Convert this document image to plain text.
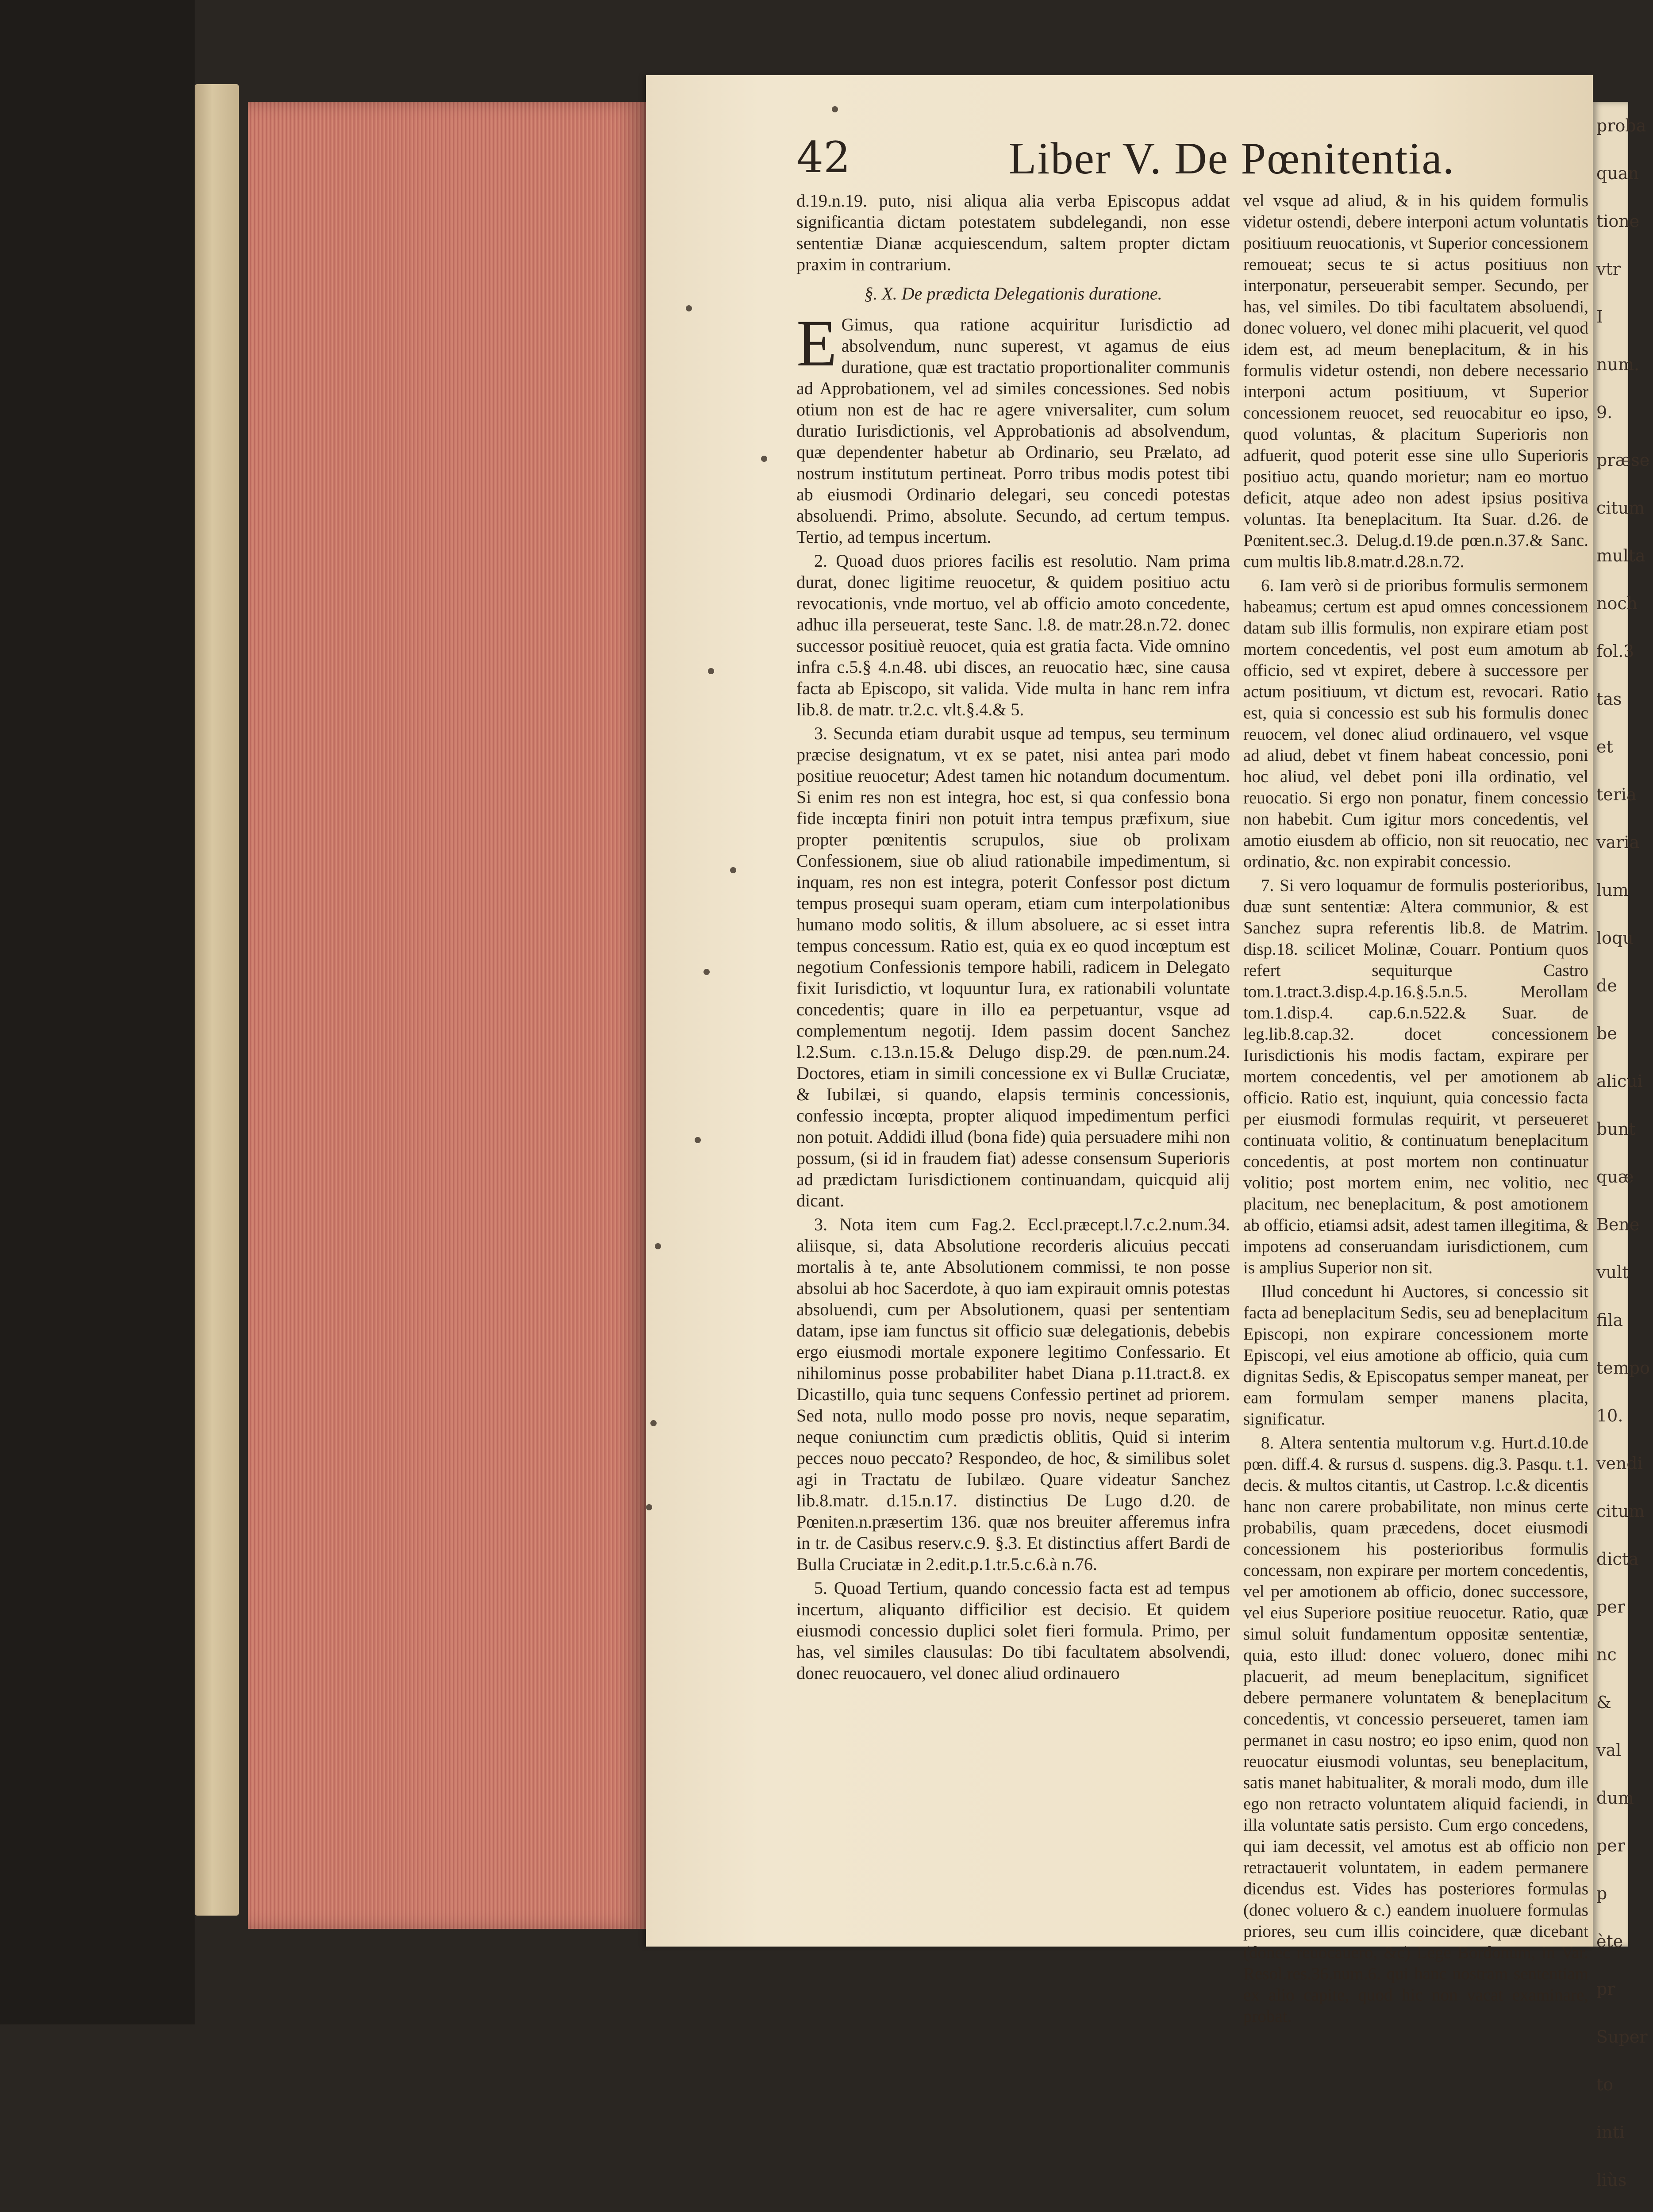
proba
quan
tione
vtr I
num.
9.
præse
citum
multa
noch
fol.3
tas et
teria
varia
lum
loqu
de be
alicui
bunt
quæ
Bene
vult
fila
tempo
10.
vendi
citum
dicta
per nc
& val
dum
per p
ète pr
Super
to inti
liùs
42	Liber V. De Pœnitentia.

d.19.n.19. puto, nisi aliqua alia verba Episcopus addat significantia dictam potestatem subdelegandi, non esse sententiæ Dianæ acquiescendum, saltem propter dictam praxim in contrarium.

§. X. De prædicta Delegationis duratione.

E Gimus, qua ratione acquiritur Iurisdictio ad absolvendum, nunc superest, vt agamus de eius duratione, quæ est tractatio proportionaliter communis ad Approbationem, vel ad similes concessiones. Sed nobis otium non est de hac re agere vniversaliter, cum solum duratio Iurisdictionis, vel Approbationis ad absolvendum, quæ dependenter habetur ab Ordinario, seu Prælato, ad nostrum institutum pertineat. Porro tribus modis potest tibi ab eiusmodi Ordinario delegari, seu concedi potestas absoluendi. Primo, absolute. Secundo, ad certum tempus. Tertio, ad tempus incertum.

2. Quoad duos priores facilis est resolutio. Nam prima durat, donec ligitime reuocetur, & quidem positiuo actu revocationis, vnde mortuo, vel ab officio amoto concedente, adhuc illa perseuerat, teste Sanc. l.8. de matr.28.n.72. donec successor positiuè reuocet, quia est gratia facta. Vide omnino infra c.5.§ 4.n.48. ubi disces, an reuocatio hæc, sine causa facta ab Episcopo, sit valida. Vide multa in hanc rem infra lib.8. de matr. tr.2.c. vlt.§.4.& 5.

3. Secunda etiam durabit usque ad tempus, seu terminum præcise designatum, vt ex se patet, nisi antea pari modo positiue reuocetur; Adest tamen hic notandum documentum. Si enim res non est integra, hoc est, si qua confessio bona fide incœpta finiri non potuit intra tempus præfixum, siue propter pœnitentis scrupulos, siue ob prolixam Confessionem, siue ob aliud rationabile impedimentum, si inquam, res non est integra, poterit Confessor post dictum tempus prosequi suam operam, etiam cum interpolationibus humano modo solitis, & illum absoluere, ac si esset intra tempus concessum. Ratio est, quia ex eo quod incœptum est negotium Confessionis tempore habili, radicem in Delegato fixit Iurisdictio, vt loquuntur Iura, ex rationabili voluntate concedentis; quare in illo ea perpetuantur, vsque ad complementum negotij. Idem passim docent Sanchez l.2.Sum. c.13.n.15.& Delugo disp.29. de pœn.num.24. Doctores, etiam in simili concessione ex vi Bullæ Cruciatæ, & Iubilæi, si quando, elapsis terminis concessionis, confessio incœpta, propter aliquod impedimentum perfici non potuit. Addidi illud (bona fide) quia persuadere mihi non possum, (si id in fraudem fiat) adesse consensum Superioris ad prædictam Iurisdictionem continuandam, quicquid alij dicant.

3. Nota item cum Fag.2. Eccl.præcept.l.7.c.2.num.34. aliisque, si, data Absolutione recorderis alicuius peccati mortalis à te, ante Absolutionem commissi, te non posse absolui ab hoc Sacerdote, à quo iam expirauit omnis potestas absoluendi, cum per Absolutionem, quasi per sententiam datam, ipse iam functus sit officio suæ delegationis, debebis ergo eiusmodi mortale exponere legitimo Confessario. Et nihilominus posse probabiliter habet Diana p.11.tract.8. ex Dicastillo, quia tunc sequens Confessio pertinet ad priorem. Sed nota, nullo modo posse pro novis, neque separatim, neque coniunctim cum prædictis oblitis, Quid si interim pecces nouo peccato? Respondeo, de hoc, & similibus solet agi in Tractatu de Iubilæo. Quare videatur Sanchez lib.8.matr. d.15.n.17. distinctius De Lugo d.20. de Pœniten.n.præsertim 136. quæ nos breuiter afferemus infra in tr. de Casibus reserv.c.9. §.3. Et distinctius affert Bardi de Bulla Cruciatæ in 2.edit.p.1.tr.5.c.6.à n.76.

5. Quoad Tertium, quando concessio facta est ad tempus incertum, aliquanto difficilior est decisio. Et quidem eiusmodi concessio duplici solet fieri formula. Primo, per has, vel similes clausulas: Do tibi facultatem absolvendi, donec reuocauero, vel donec aliud ordinauero

vel vsque ad aliud, & in his quidem formulis videtur ostendi, debere interponi actum voluntatis positiuum reuocationis, vt Superior concessionem remoueat; secus te si actus positiuus non interponatur, perseuerabit semper. Secundo, per has, vel similes. Do tibi facultatem absoluendi, donec voluero, vel donec mihi placuerit, vel quod idem est, ad meum beneplacitum, & in his formulis videtur ostendi, non debere necessario interponi actum positiuum, vt Superior concessionem reuocet, sed reuocabitur eo ipso, quod voluntas, & placitum Superioris non adfuerit, quod poterit esse sine ullo Superioris positiuo actu, quando morietur; nam eo mortuo deficit, atque adeo non adest ipsius positiva voluntas. Ita beneplacitum. Ita Suar. d.26. de Pœnitent.sec.3. Delug.d.19.de pœn.n.37.& Sanc. cum multis lib.8.matr.d.28.n.72.

6. Iam verò si de prioribus formulis sermonem habeamus; certum est apud omnes concessionem datam sub illis formulis, non expirare etiam post mortem concedentis, vel post eum amotum ab officio, sed vt expiret, debere à successore per actum positiuum, vt dictum est, revocari. Ratio est, quia si concessio est sub his formulis donec reuocem, vel donec aliud ordinauero, vel vsque ad aliud, debet vt finem habeat concessio, poni hoc aliud, vel debet poni illa ordinatio, vel reuocatio. Si ergo non ponatur, finem concessio non habebit. Cum igitur mors concedentis, vel amotio eiusdem ab officio, non sit reuocatio, nec ordinatio, &c. non expirabit concessio.

7. Si vero loquamur de formulis posterioribus, duæ sunt sententiæ: Altera communior, & est Sanchez supra referentis lib.8. de Matrim. disp.18. scilicet Molinæ, Couarr. Pontium quos refert sequiturque Castro tom.1.tract.3.disp.4.p.16.§.5.n.5. Merollam tom.1.disp.4. cap.6.n.522.& Suar. de leg.lib.8.cap.32. docet concessionem Iurisdictionis his modis factam, expirare per mortem concedentis, vel per amotionem ab officio. Ratio est, inquiunt, quia concessio facta per eiusmodi formulas requirit, vt perseueret continuata volitio, & continuatum beneplacitum concedentis, at post mortem non continuatur volitio; post mortem enim, nec volitio, nec placitum, nec beneplacitum, & post amotionem ab officio, etiamsi adsit, adest tamen illegitima, & impotens ad conseruandam iurisdictionem, cum is amplius Superior non sit.

Illud concedunt hi Auctores, si concessio sit facta ad beneplacitum Sedis, seu ad beneplacitum Episcopi, non expirare concessionem morte Episcopi, vel eius amotione ab officio, quia cum dignitas Sedis, & Episcopatus semper maneat, per eam formulam semper manens placita, significatur.

8. Altera sententia multorum v.g. Hurt.d.10.de pœn. diff.4. & rursus d. suspens. dig.3. Pasqu. t.1. decis. & multos citantis, ut Castrop. l.c.& dicentis hanc non carere probabilitate, non minus certe probabilis, quam præcedens, docet eiusmodi concessionem his posterioribus formulis concessam, non expirare per mortem concedentis, vel per amotionem ab officio, donec successore, vel eius Superiore positiue reuocetur. Ratio, quæ simul soluit fundamentum oppositæ sententiæ, quia, esto illud: donec voluero, donec mihi placuerit, ad meum beneplacitum, significet debere permanere voluntatem & beneplacitum concedentis, vt concessio perseueret, tamen iam permanet in casu nostro; eo ipso enim, quod non reuocatur eiusmodi voluntas, seu beneplacitum, satis manet habitualiter, & morali modo, dum ille ego non retracto voluntatem aliquid faciendi, in illa voluntate satis persisto. Cum ergo concedens, qui iam decessit, vel amotus est ab officio non retractauerit voluntatem, in eadem permanere dicendus est. Vides has posteriores formulas (donec voluero & c.) eandem inuoluere formulas priores, seu cum illis coincidere, quæ dicebant (donec reuocauero, &c) Lege Bordonum, in Var. Resol.res.36.num.6. qui hanc nostram sententiam ex alio capite, quod hic non vacat examinare, probat.
